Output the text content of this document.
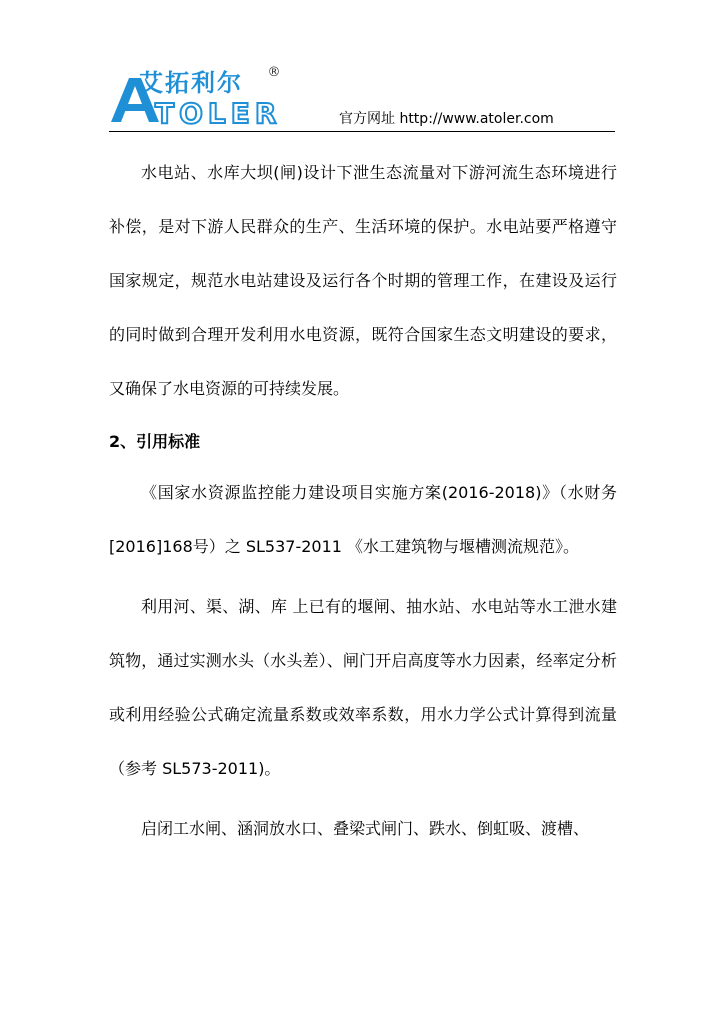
艾拓利尔
TOLER
®
官方网址 http://www.atoler.com

水电站、水库大坝(闸)设计下泄生态流量对下游河流生态环境进行补偿，是对下游人民群众的生产、生活环境的保护。水电站要严格遵守国家规定，规范水电站建设及运行各个时期的管理工作，在建设及运行的同时做到合理开发利用水电资源，既符合国家生态文明建设的要求，又确保了水电资源的可持续发展。

2、引用标准

《国家水资源监控能力建设项目实施方案(2016-2018)》（水财务[2016]168号）之 SL537-2011 《水工建筑物与堰槽测流规范》。

利用河、渠、湖、库 上已有的堰闸、抽水站、水电站等水工泄水建筑物，通过实测水头（水头差）、闸门开启高度等水力因素，经率定分析或利用经验公式确定流量系数或效率系数，用水力学公式计算得到流量（参考 SL573-2011)。

启闭工水闸、涵洞放水口、叠梁式闸门、跌水、倒虹吸、渡槽、
